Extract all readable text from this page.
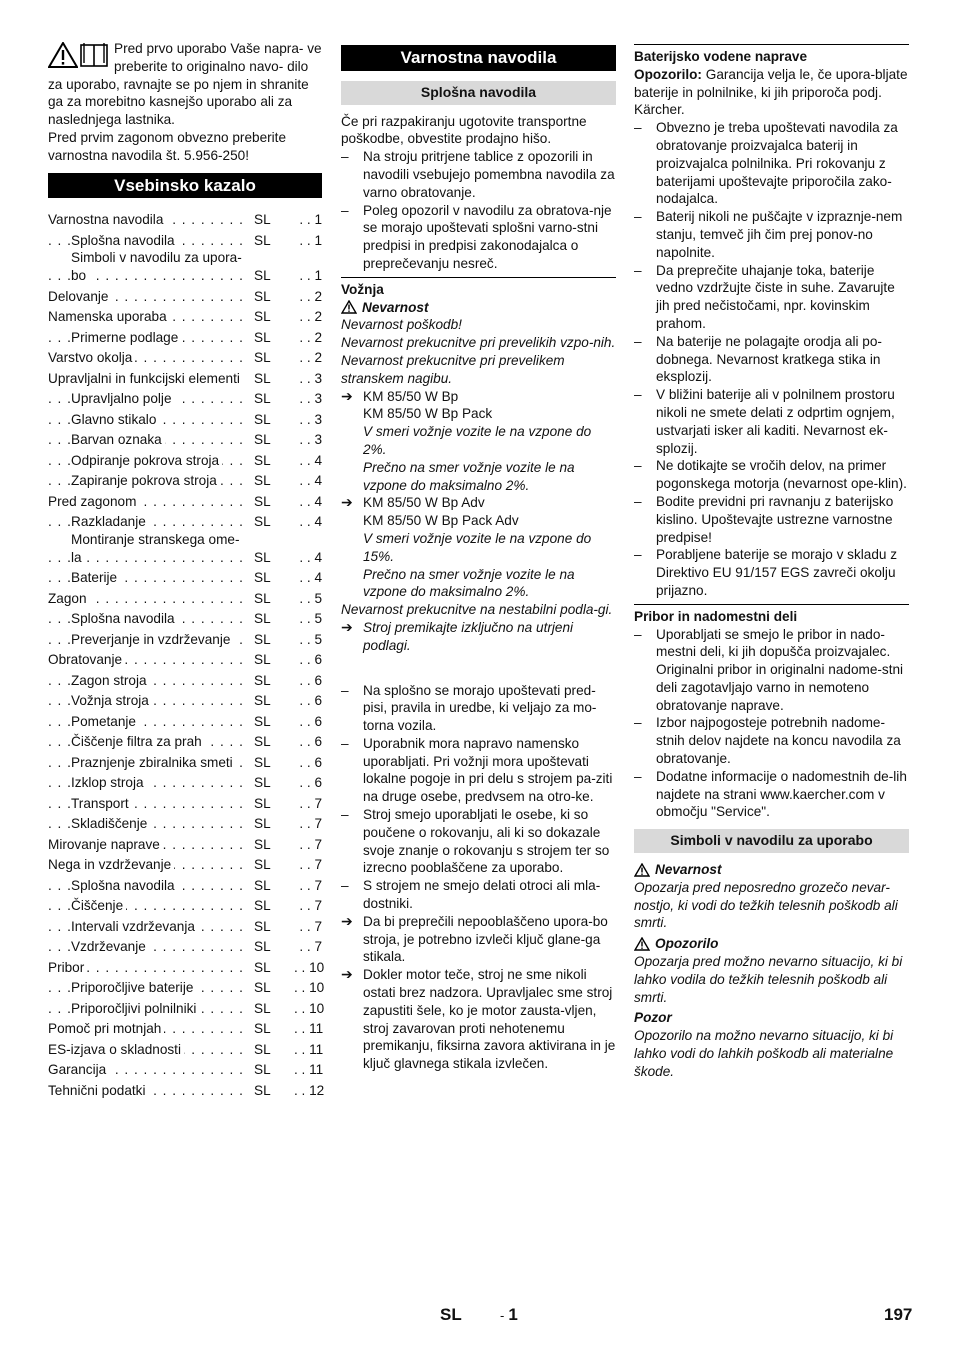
Pred prvo uporabo Vaše napra- ve preberite to originalno navo- dilo za uporabo, ravnajte se po njem in shranite ga za morebitno kasnejšo uporabo ali za naslednjega lastnika.

Pred prvim zagonom obvezno preberite varnostna navodila št. 5.956-250!

Vsebinsko kazalo
Varnostna navodila . . .	SL	. . 1
Splošna navodila . . .	SL	. . 1
Simboli v navodilu za upora-bo . . .	SL	. . 1
Delovanje . . .	SL	. . 2
Namenska uporaba . . .	SL	. . 2
Primerne podlage . . .	SL	. . 2
Varstvo okolja . . .	SL	. . 2
Upravljalni in funkcijski elementi . . .	SL	. . 3
Upravljalno polje . . .	SL	. . 3
Glavno stikalo . . .	SL	. . 3
Barvan oznaka . . .	SL	. . 3
Odpiranje pokrova stroja . . .	SL	. . 4
Zapiranje pokrova stroja . . .	SL	. . 4
Pred zagonom . . .	SL	. . 4
Razkladanje . . .	SL	. . 4
Montiranje stranskega ome-la . . .	SL	. . 4
Baterije . . .	SL	. . 4
Zagon . . .	SL	. . 5
Splošna navodila . . .	SL	. . 5
Preverjanje in vzdrževanje . . .	SL	. . 5
Obratovanje . . .	SL	. . 6
Zagon stroja . . .	SL	. . 6
Vožnja stroja . . .	SL	. . 6
Pometanje . . .	SL	. . 6
Čiščenje filtra za prah . . .	SL	. . 6
Praznjenje zbiralnika smeti . . .	SL	. . 6
Izklop stroja . . .	SL	. . 6
Transport . . .	SL	. . 7
Skladiščenje . . .	SL	. . 7
Mirovanje naprave . . .	SL	. . 7
Nega in vzdrževanje . . .	SL	. . 7
Splošna navodila . . .	SL	. . 7
Čiščenje . . .	SL	. . 7
Intervali vzdrževanja . . .	SL	. . 7
Vzdrževanje . . .	SL	. . 7
Pribor . . .	SL	. . 10
Priporočljive baterije . . .	SL	. . 10
Priporočljivi polnilniki . . .	SL	. . 10
Pomoč pri motnjah . . .	SL	. . 11
ES-izjava o skladnosti . . .	SL	. . 11
Garancija . . .	SL	. . 11
Tehnični podatki . . .	SL	. . 12
Varnostna navodila
Splošna navodila

Če pri razpakiranju ugotovite transportne poškodbe, obvestite prodajno hišo.

–	Na stroju pritrjene tablice z opozorili in navodili vsebujejo pomembna navodila za varno obratovanje.
–	Poleg opozoril v navodilu za obratova-nje se morajo upoštevati splošni varno-stni predpisi in predpisi zakonodajalca o preprečevanju nesreč.
Vožnja
Nevarnost
Nevarnost poškodb!
Nevarnost prekucnitve pri prevelikih vzpo-nih.
Nevarnost prekucnitve pri prevelikem stranskem nagibu.
➔ KM 85/50 W Bp
KM 85/50 W Bp Pack
V smeri vožnje vozite le na vzpone do 2%.
Prečno na smer vožnje vozite le na vzpone do maksimalno 2%.
➔ KM 85/50 W Bp Adv
KM 85/50 W Bp Pack Adv
V smeri vožnje vozite le na vzpone do 15%.
Prečno na smer vožnje vozite le na vzpone do maksimalno 2%.

Nevarnost prekucnitve na nestabilni podla-gi.

➔ Stroj premikajte izključno na utrjeni podlagi.
–	Na splošno se morajo upoštevati pred-pisi, pravila in uredbe, ki veljajo za mo-torna vozila.
–	Uporabnik mora napravo namensko uporabljati. Pri vožnji mora upoštevati lokalne pogoje in pri delu s strojem pa-ziti na druge osebe, predvsem na otro-ke.
–	Stroj smejo uporabljati le osebe, ki so poučene o rokovanju, ali ki so dokazale svoje znanje o rokovanju s strojem ter so izrecno pooblaščene za uporabo.
–	S strojem ne smejo delati otroci ali mla-dostniki.
➔ Da bi preprečili nepooblaščeno upora-bo stroja, je potrebno izvleči ključ glane-ga stikala.
➔ Dokler motor teče, stroj ne sme nikoli ostati brez nadzora. Upravljalec sme stroj zapustiti šele, ko je motor zausta-vljen, stroj zavarovan proti nehotenemu premikanju, fiksirna zavora aktivirana in je ključ glavnega stikala izvlečen.
Baterijsko vodene naprave

Opozorilo: Garancija velja le, če upora-bljate baterije in polnilnike, ki jih priporoča podj. Kärcher.

–	Obvezno je treba upoštevati navodila za obratovanje proizvajalca baterij in proizvajalca polnilnika. Pri rokovanju z baterijami upoštevajte priporočila zako-nodajalca.
–	Baterij nikoli ne puščajte v izpraznje-nem stanju, temveč jih čim prej ponov-no napolnite.
–	Da preprečite uhajanje toka, baterije vedno vzdržujte čiste in suhe. Zavarujte jih pred nečistočami, npr. kovinskim prahom.
–	Na baterije ne polagajte orodja ali po-dobnega. Nevarnost kratkega stika in eksplozij.
–	V bližini baterije ali v polnilnem prostoru nikoli ne smete delati z odprtim ognjem, ustvarjati isker ali kaditi. Nevarnost ek-splozij.
–	Ne dotikajte se vročih delov, na primer pogonskega motorja (nevarnost ope-klin).
–	Bodite previdni pri ravnanju z baterijsko kislino. Upoštevajte ustrezne varnostne predpise!
–	Porabljene baterije se morajo v skladu z Direktivo EU 91/157 EGS zavreči okolju prijazno.
Pribor in nadomestni deli
–	Uporabljati se smejo le pribor in nado-mestni deli, ki jih dopušča proizvajalec. Originalni pribor in originalni nadome-stni deli zagotavljajo varno in nemoteno obratovanje naprave.
–	Izbor najpogosteje potrebnih nadome-stnih delov najdete na koncu navodila za obratovanje.
–	Dodatne informacije o nadomestnih de-lih najdete na strani www.kaercher.com v območju "Service".
Simboli v navodilu za uporabo
Nevarnost

Opozarja pred neposredno grozečo nevar-nostjo, ki vodi do težkih telesnih poškodb ali smrti.

Opozorilo

Opozarja pred možno nevarno situacijo, ki bi lahko vodila do težkih telesnih poškodb ali smrti.

Pozor

Opozorilo na možno nevarno situacijo, ki bi lahko vodi do lahkih poškodb ali materialne škode.

SL	- 1	197
